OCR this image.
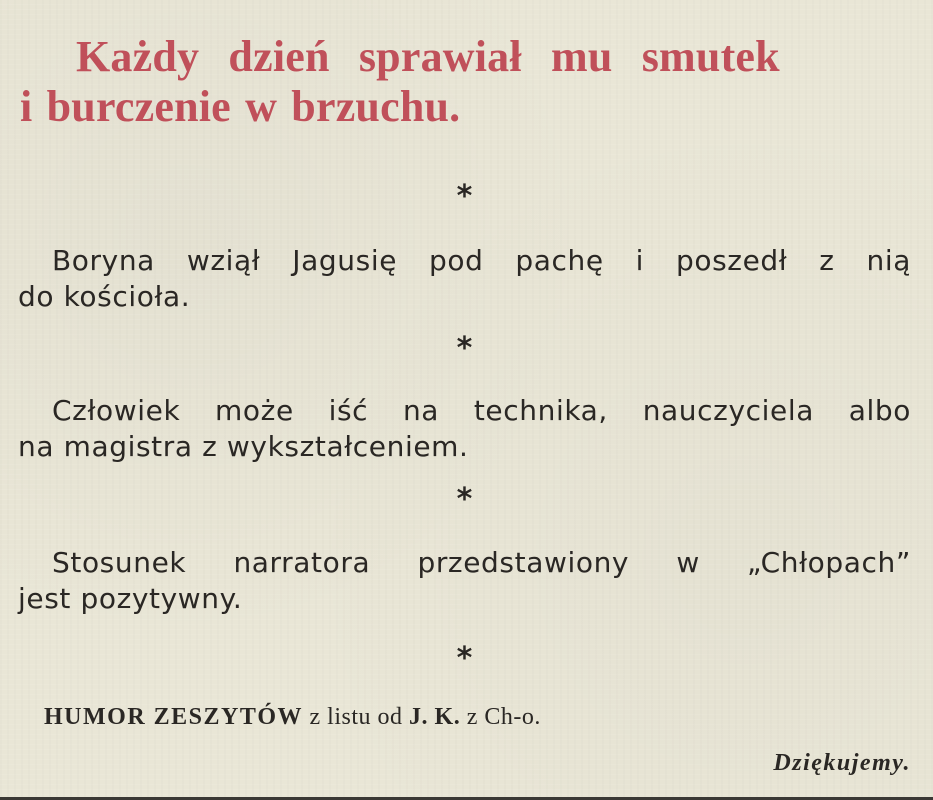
Każdy dzień sprawiał mu smutek
i burczenie w brzuchu.
*

Boryna wziął Jagusię pod pachę i poszedł z nią
do kościoła.

*

Człowiek może iść na technika, nauczyciela albo
na magistra z wykształceniem.

*

Stosunek narratora przedstawiony w „Chłopach”
jest pozytywny.

*

HUMOR ZESZYTÓW z listu od J. K. z Ch-o.

Dziękujemy.
